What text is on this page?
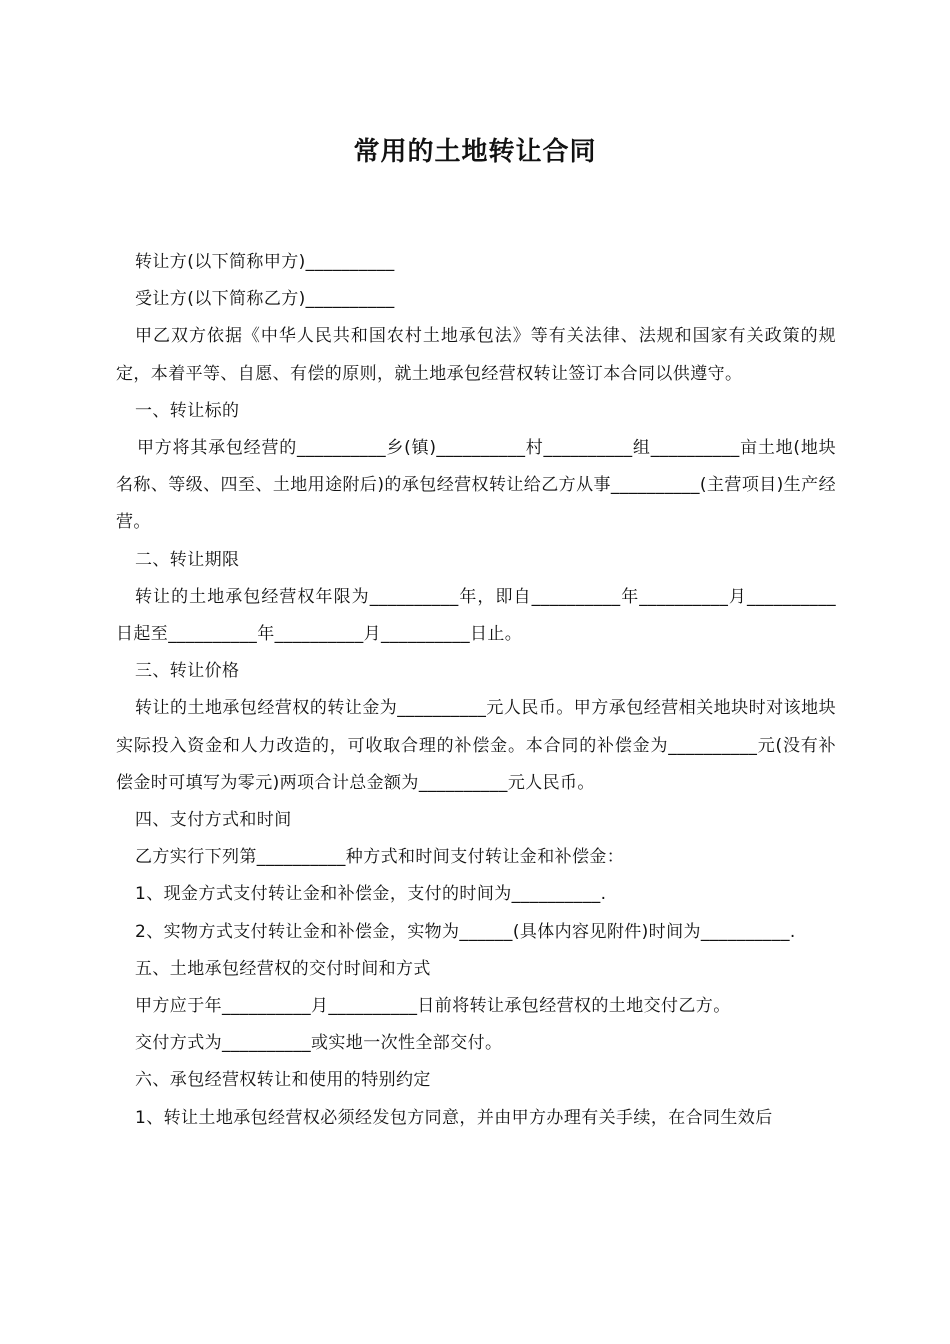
常用的土地转让合同

转让方(以下简称甲方)__________

受让方(以下简称乙方)__________

甲乙双方依据《中华人民共和国农村土地承包法》等有关法律、法规和国家有关政策的规定，本着平等、自愿、有偿的原则，就土地承包经营权转让签订本合同以供遵守。

一、转让标的

甲方将其承包经营的__________乡(镇)__________村__________组__________亩土地(地块名称、等级、四至、土地用途附后)的承包经营权转让给乙方从事__________(主营项目)生产经营。

二、转让期限

转让的土地承包经营权年限为__________年，即自__________年__________月__________日起至__________年__________月__________日止。

三、转让价格

转让的土地承包经营权的转让金为__________元人民币。甲方承包经营相关地块时对该地块实际投入资金和人力改造的，可收取合理的补偿金。本合同的补偿金为__________元(没有补偿金时可填写为零元)两项合计总金额为__________元人民币。

四、支付方式和时间

乙方实行下列第__________种方式和时间支付转让金和补偿金：

1、现金方式支付转让金和补偿金，支付的时间为__________.

2、实物方式支付转让金和补偿金，实物为______(具体内容见附件)时间为__________.

五、土地承包经营权的交付时间和方式

甲方应于年__________月__________日前将转让承包经营权的土地交付乙方。

交付方式为__________或实地一次性全部交付。

六、承包经营权转让和使用的特别约定

1、转让土地承包经营权必须经发包方同意，并由甲方办理有关手续，在合同生效后
